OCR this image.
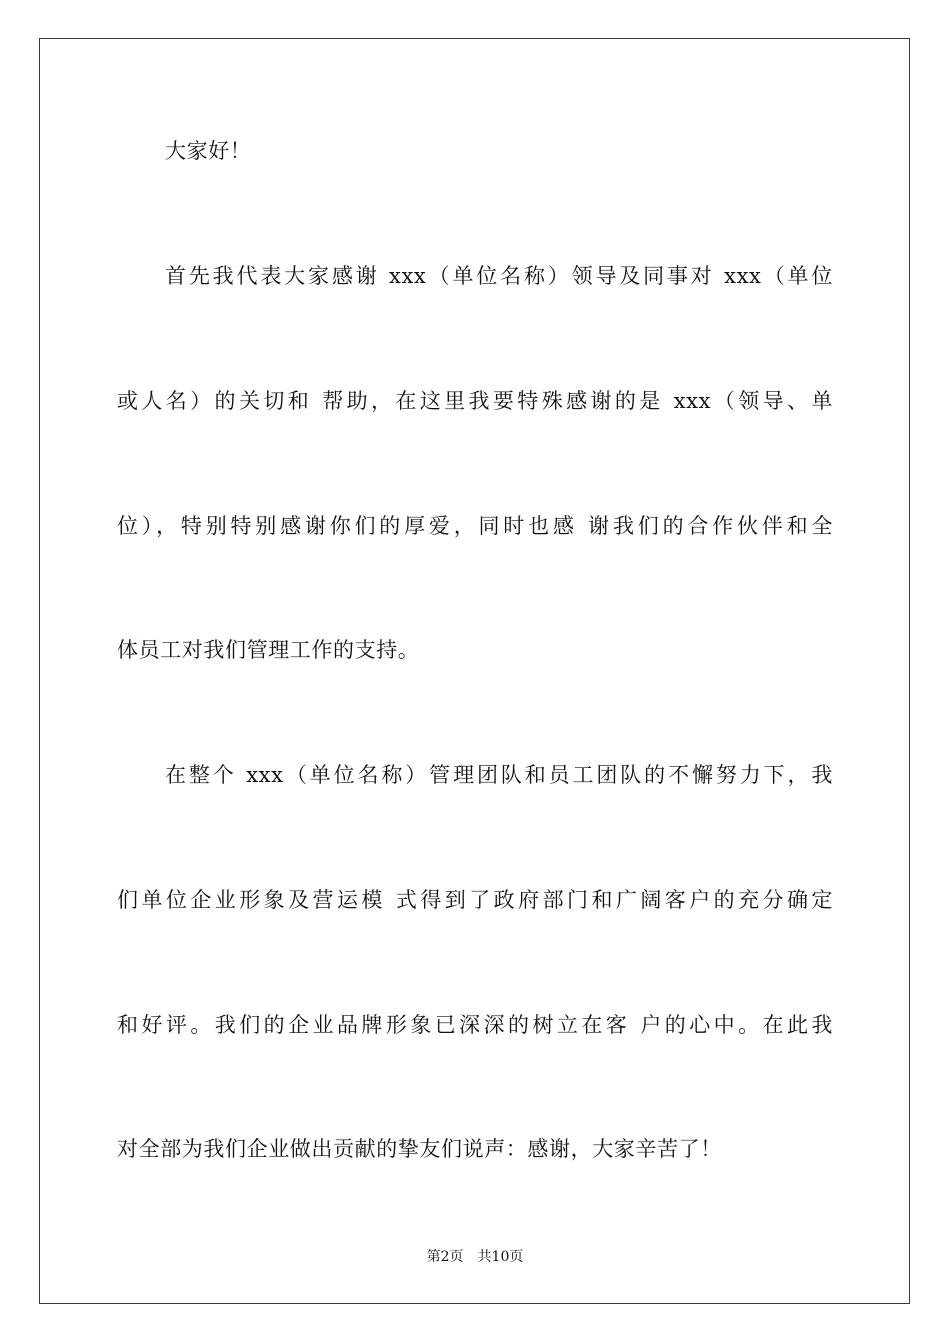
大家好！
首先我代表大家感谢 xxx（单位名称）领导及同事对 xxx（单位
或人名）的关切和 帮助，在这里我要特殊感谢的是 xxx（领导、单
位），特别特别感谢你们的厚爱，同时也感 谢我们的合作伙伴和全
体员工对我们管理工作的支持。
在整个 xxx（单位名称）管理团队和员工团队的不懈努力下，我
们单位企业形象及营运模 式得到了政府部门和广阔客户的充分确定
和好评。我们的企业品牌形象已深深的树立在客 户的心中。在此我
对全部为我们企业做出贡献的挚友们说声：感谢，大家辛苦了！
第2页 共10页
